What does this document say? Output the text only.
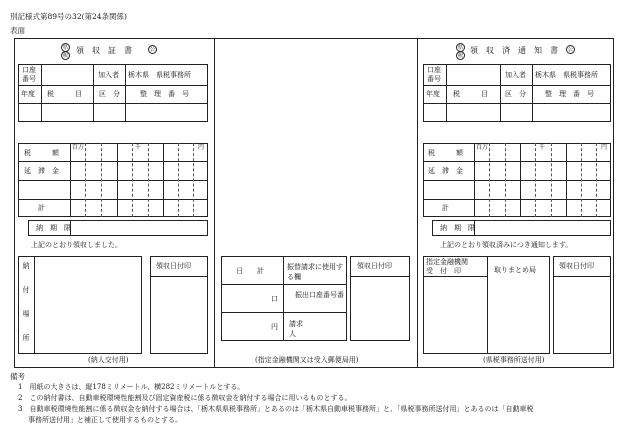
別記様式第89号の32(第24条関係)
表面
県
税
領　収　証　書	公
口座
番号	加入者 栃木県　県税事務所
年度 税　　　目 区　分	整　理　番　号
百万	千	円
税　　　額
延　滞　金
計
納　期　限
上記のとおり領収しました。
納付場所	領収日付印
(納人交付用)
日　　計	振替請求に使用する欄
口	振出口座番号番
円 請求人
領収日付印
(指定金融機関又は受入郵便局用)
県
税
領　収　済　通　知　書	公
口座
番号	加入者 栃木県　県税事務所
年度 税　　　目 区　分	整　理　番　号
百万	千	円
税　　　額
延　滞　金
計
納　期　限
上記のとおり領収済みにつき通知します。
指定金融機関
受　付　印	取りまとめ局	領収日付印
(県税事務所送付用)
備考
1　用紙の大きさは、縦178ミリメートル、横282ミリメートルとする。
2　この納付書は、自動車税環境性能割及び固定資産税に係る徴収金を納付する場合に用いるものとする。
3　自動車税環境性能割に係る徴収金を納付する場合は、「栃木県県税事務所」とあるのは「栃木県自動車税事務所」と、「県税事務所送付用」とあるのは「自動車税
事務所送付用」と補正して使用するものとする。
